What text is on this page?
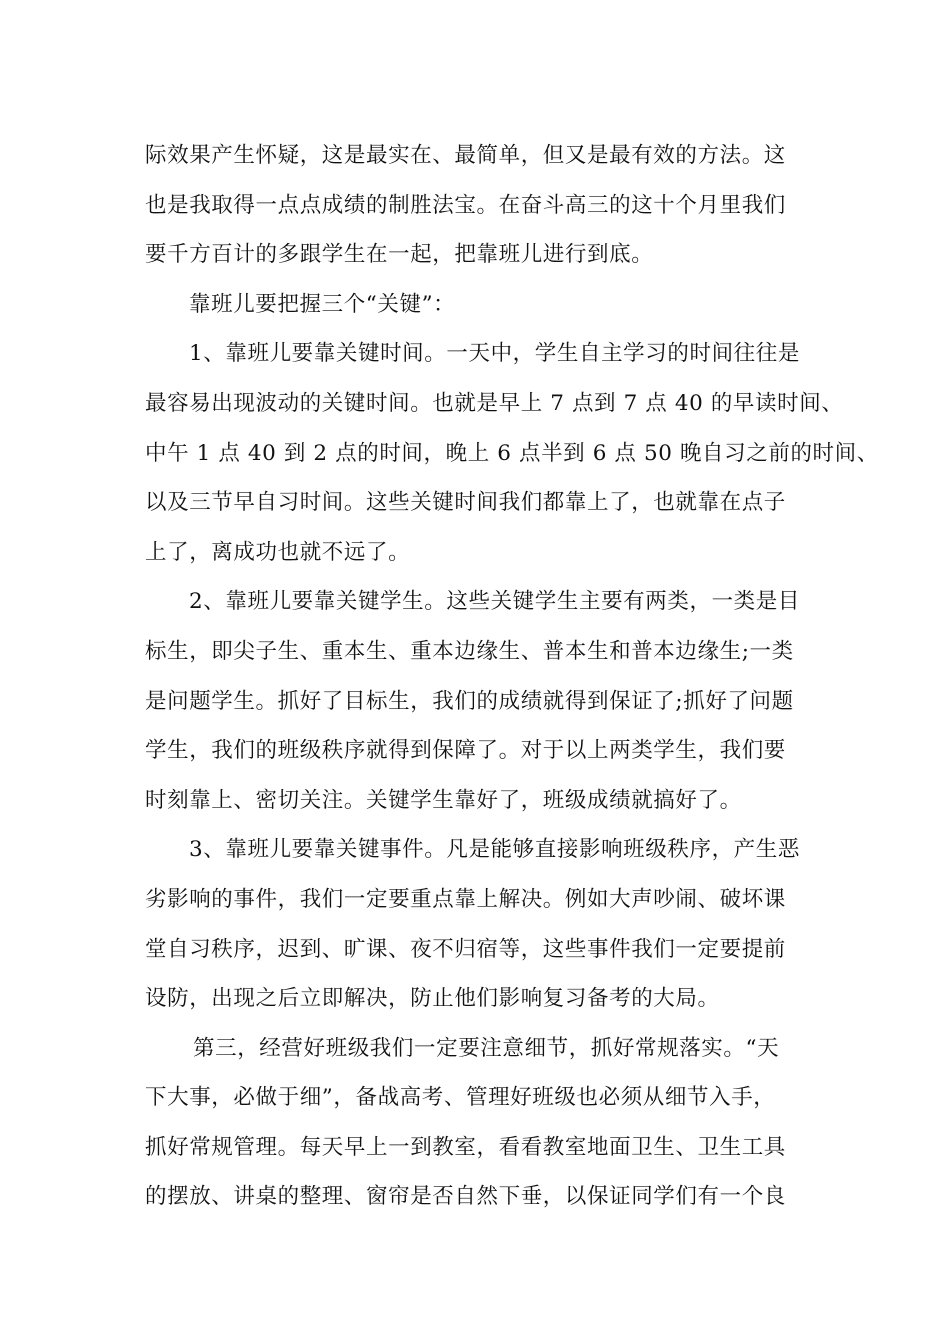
际效果产生怀疑，这是最实在、最简单，但又是最有效的方法。这
也是我取得一点点成绩的制胜法宝。在奋斗高三的这十个月里我们
要千方百计的多跟学生在一起，把靠班儿进行到底。
靠班儿要把握三个“关键”：
1、靠班儿要靠关键时间。一天中，学生自主学习的时间往往是
最容易出现波动的关键时间。也就是早上 7 点到 7 点 40 的早读时间、
中午 1 点 40 到 2 点的时间，晚上 6 点半到 6 点 50 晚自习之前的时间、
以及三节早自习时间。这些关键时间我们都靠上了，也就靠在点子
上了，离成功也就不远了。
2、靠班儿要靠关键学生。这些关键学生主要有两类，一类是目
标生，即尖子生、重本生、重本边缘生、普本生和普本边缘生;一类
是问题学生。抓好了目标生，我们的成绩就得到保证了;抓好了问题
学生，我们的班级秩序就得到保障了。对于以上两类学生，我们要
时刻靠上、密切关注。关键学生靠好了，班级成绩就搞好了。
3、靠班儿要靠关键事件。凡是能够直接影响班级秩序，产生恶
劣影响的事件，我们一定要重点靠上解决。例如大声吵闹、破坏课
堂自习秩序，迟到、旷课、夜不归宿等，这些事件我们一定要提前
设防，出现之后立即解决，防止他们影响复习备考的大局。
第三，经营好班级我们一定要注意细节，抓好常规落实。“天
下大事，必做于细”，备战高考、管理好班级也必须从细节入手，
抓好常规管理。每天早上一到教室，看看教室地面卫生、卫生工具
的摆放、讲桌的整理、窗帘是否自然下垂，以保证同学们有一个良
